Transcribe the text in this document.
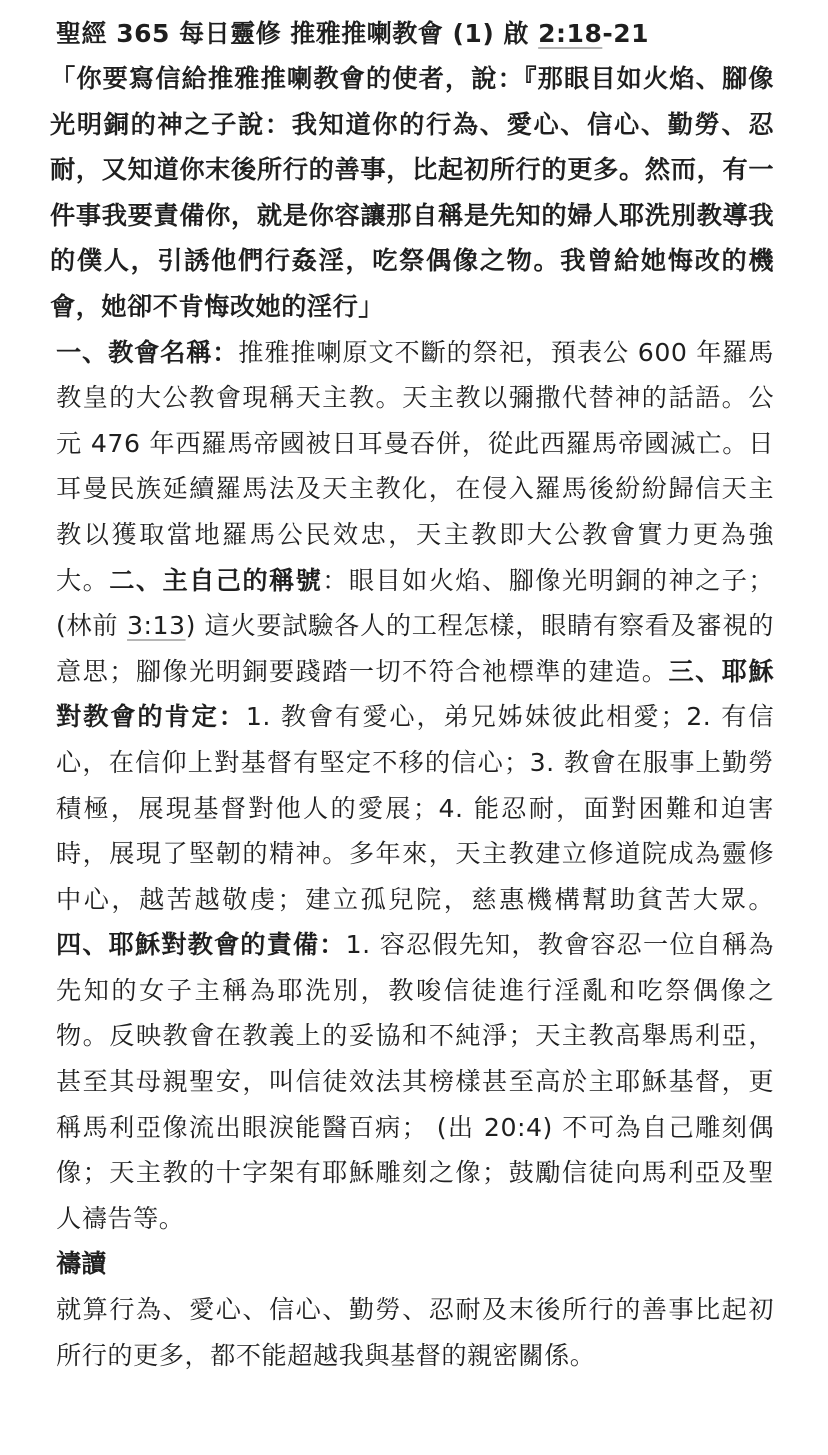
聖經 365 每日靈修 推雅推喇教會 (1) 啟 2:18-21

「你要寫信給推雅推喇教會的使者，說：『那眼目如火焰、腳像光明銅的神之子說：我知道你的行為、愛心、信心、勤勞、忍耐，又知道你末後所行的善事，比起初所行的更多。然而，有一件事我要責備你，就是你容讓那自稱是先知的婦人耶洗別教導我的僕人，引誘他們行姦淫，吃祭偶像之物。我曾給她悔改的機會，她卻不肯悔改她的淫行」

一、教會名稱：推雅推喇原文不斷的祭祀，預表公 600 年羅馬教皇的大公教會現稱天主教。天主教以彌撒代替神的話語。公元 476 年西羅馬帝國被日耳曼吞併，從此西羅馬帝國滅亡。日耳曼民族延續羅馬法及天主教化，在侵入羅馬後紛紛歸信天主教以獲取當地羅馬公民效忠，天主教即大公教會實力更為強大。二、主自己的稱號：眼目如火焰、腳像光明銅的神之子； (林前 3:13) 這火要試驗各人的工程怎樣，眼睛有察看及審視的意思；腳像光明銅要踐踏一切不符合祂標準的建造。三、耶穌對教會的肯定：1. 教會有愛心，弟兄姊妹彼此相愛；2. 有信心，在信仰上對基督有堅定不移的信心；3. 教會在服事上勤勞積極，展現基督對他人的愛展；4. 能忍耐，面對困難和迫害時，展現了堅韌的精神。多年來，天主教建立修道院成為靈修中心，越苦越敬虔；建立孤兒院，慈惠機構幫助貧苦大眾。四、耶穌對教會的責備：1. 容忍假先知，教會容忍一位自稱為先知的女子主稱為耶洗別，教唆信徒進行淫亂和吃祭偶像之物。反映教會在教義上的妥協和不純淨；天主教高舉馬利亞，甚至其母親聖安，叫信徒效法其榜樣甚至高於主耶穌基督，更稱馬利亞像流出眼淚能醫百病； (出 20:4) 不可為自己雕刻偶像；天主教的十字架有耶穌雕刻之像；鼓勵信徒向馬利亞及聖人禱告等。

禱讀

就算行為、愛心、信心、勤勞、忍耐及末後所行的善事比起初所行的更多，都不能超越我與基督的親密關係。
